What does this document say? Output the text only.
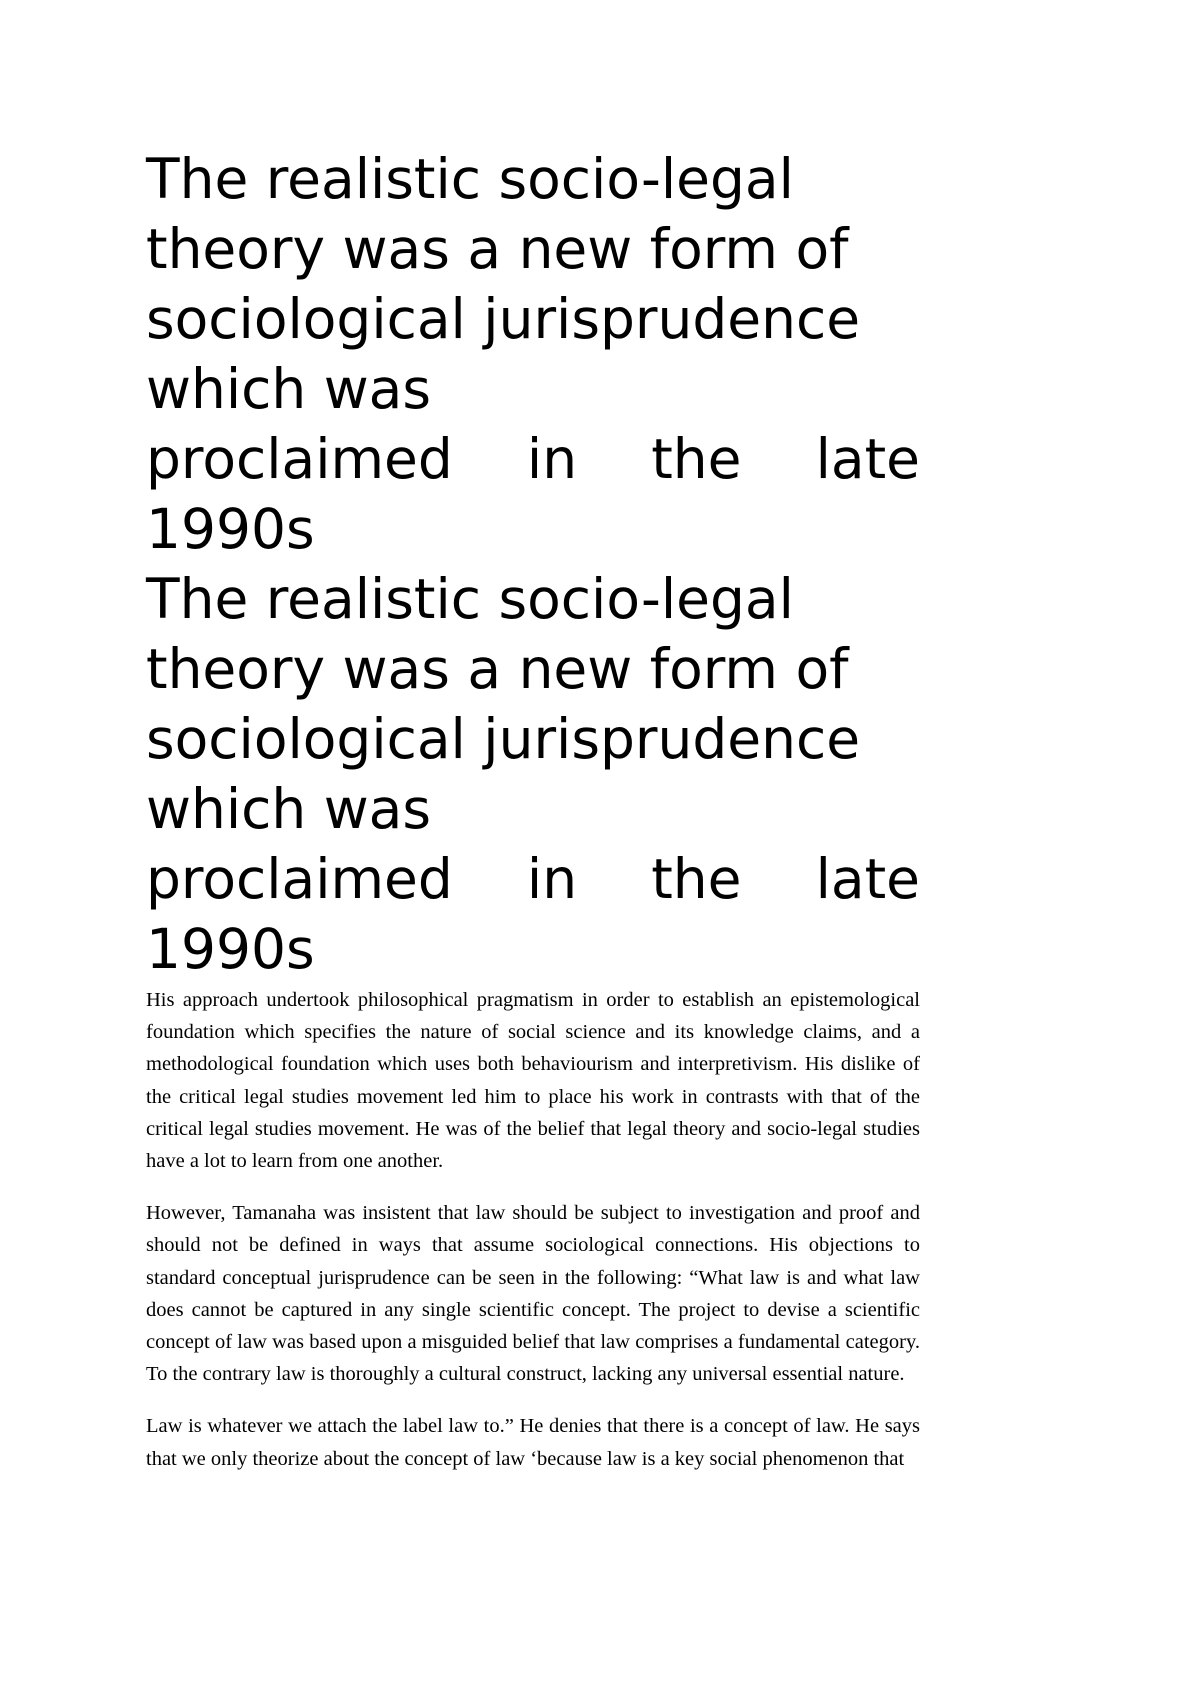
The realistic socio-legal
theory was a new form of
sociological jurisprudence
which was
proclaimed in the late
1990s
The realistic socio-legal
theory was a new form of
sociological jurisprudence
which was
proclaimed in the late
1990s

His approach undertook philosophical pragmatism in order to establish an epistemological foundation which specifies the nature of social science and its knowledge claims, and a methodological foundation which uses both behaviourism and interpretivism. His dislike of the critical legal studies movement led him to place his work in contrasts with that of the critical legal studies movement. He was of the belief that legal theory and socio-legal studies have a lot to learn from one another.

However, Tamanaha was insistent that law should be subject to investigation and proof and should not be defined in ways that assume sociological connections. His objections to standard conceptual jurisprudence can be seen in the following: “What law is and what law does cannot be captured in any single scientific concept. The project to devise a scientific concept of law was based upon a misguided belief that law comprises a fundamental category. To the contrary law is thoroughly a cultural construct, lacking any universal essential nature.

Law is whatever we attach the label law to.” He denies that there is a concept of law. He says that we only theorize about the concept of law ‘because law is a key social phenomenon that
